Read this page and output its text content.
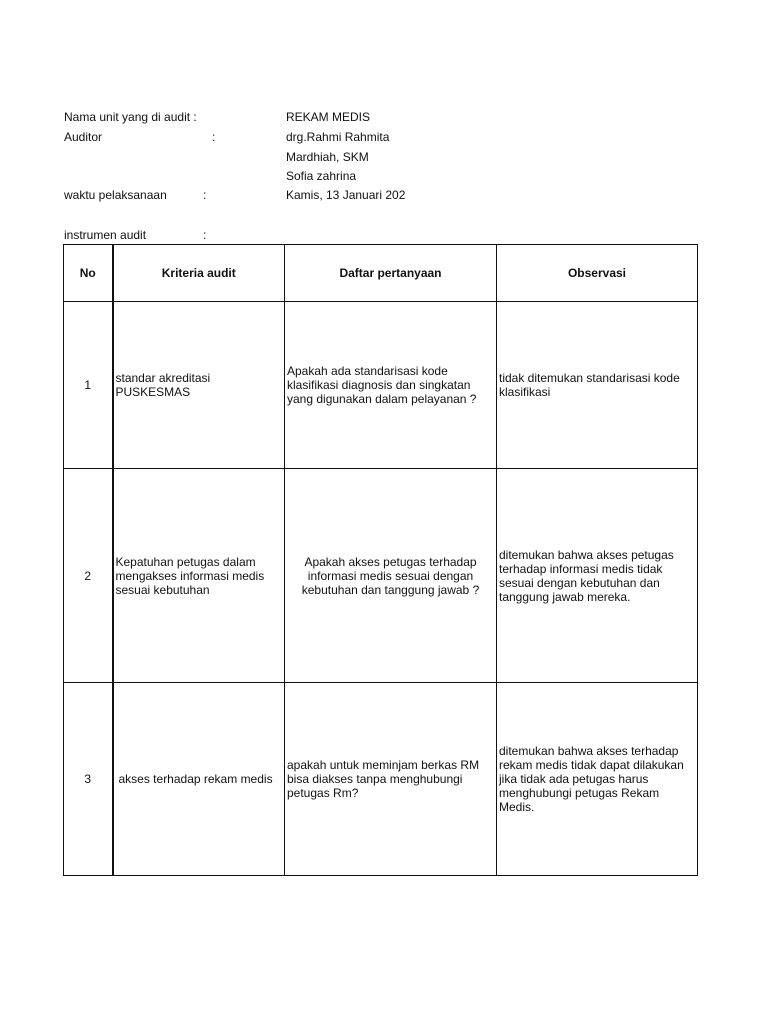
Nama unit yang di audit :	REKAM MEDIS
Auditor	:	drg.Rahmi Rahmita
Mardhiah, SKM
Sofia zahrina
waktu pelaksanaan	:	Kamis, 13 Januari 202
instrumen audit	:
No	Kriteria audit	Daftar pertanyaan	Observasi
1	standar akreditasi PUSKESMAS	Apakah ada standarisasi kode klasifikasi diagnosis dan singkatan yang digunakan dalam pelayanan ?	tidak ditemukan standarisasi kode klasifikasi
2	Kepatuhan petugas dalam mengakses informasi medis sesuai kebutuhan	Apakah akses petugas terhadap informasi medis sesuai dengan kebutuhan dan tanggung jawab ?	ditemukan bahwa akses petugas terhadap informasi medis tidak sesuai dengan kebutuhan dan tanggung jawab mereka.
3	akses terhadap rekam medis	apakah untuk meminjam berkas RM bisa diakses tanpa menghubungi petugas Rm?	ditemukan bahwa akses terhadap rekam medis tidak dapat dilakukan jika tidak ada petugas harus menghubungi petugas Rekam Medis.
